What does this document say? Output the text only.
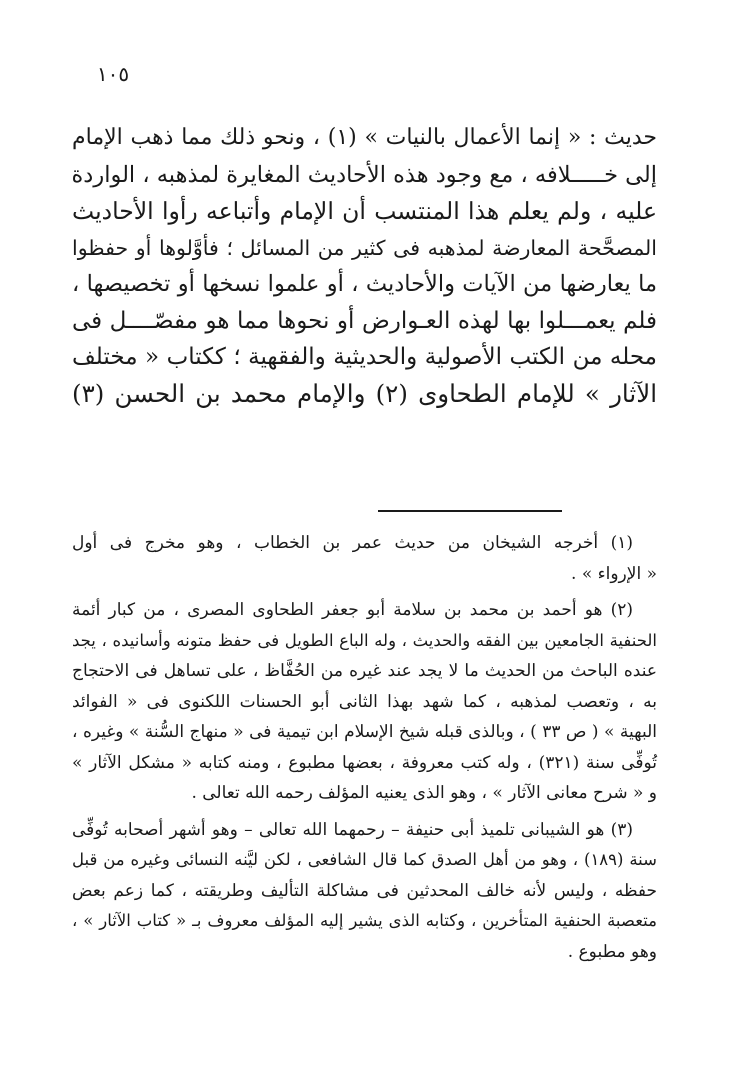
١٠٥
حديث : « إنما الأعمال بالنيات » (١) ، ونحو ذلك مما ذهب الإمام
إلى خـــــلافه ، مع وجود هذه الأحاديث المغايرة لمذهبه ، الواردة
عليه ، ولم يعلم هذا المنتسب أن الإمام وأتباعه رأوا الأحاديث
المصحَّحة المعارضة لمذهبه فى كثير من المسائل ؛ فأوَّلوها أو حفظوا
ما يعارضها من الآيات والأحاديث ، أو علموا نسخها أو تخصيصها ،
فلم يعمـــلوا بها لهذه العـوارض أو نحوها مما هو مفصّــــل فى
محله من الكتب الأصولية والحديثية والفقهية ؛ ككتاب « مختلف
الآثار » للإمام الطحاوى (٢) والإمام محمد بن الحسن (٣)
(١) أخرجه الشيخان من حديث عمر بن الخطاب ، وهو مخرج فى أول
« الإرواء » .
(٢) هو أحمد بن محمد بن سلامة أبو جعفر الطحاوى المصرى ، من كبار أئمة
الحنفية الجامعين بين الفقه والحديث ، وله الباع الطويل فى حفظ متونه وأسانيده ، يجد
عنده الباحث من الحديث ما لا يجد عند غيره من الحُفَّاظ ، على تساهل فى الاحتجاج
به ، وتعصب لمذهبه ، كما شهد بهذا الثانى أبو الحسنات اللكنوى فى « الفوائد
البهية » ( ص ٣٣ ) ، وبالذى قبله شيخ الإسلام ابن تيمية فى « منهاج السُّنة » وغيره ،
تُوفِّى سنة (٣٢١) ، وله كتب معروفة ، بعضها مطبوع ، ومنه كتابه « مشكل الآثار »
و « شرح معانى الآثار » ، وهو الذى يعنيه المؤلف رحمه الله تعالى .
(٣) هو الشيبانى تلميذ أبى حنيفة – رحمهما الله تعالى – وهو أشهر أصحابه تُوفِّى
سنة (١٨٩) ، وهو من أهل الصدق كما قال الشافعى ، لكن ليَّنه النسائى وغيره من قبل
حفظه ، وليس لأنه خالف المحدثين فى مشاكلة التأليف وطريقته ، كما زعم بعض
متعصبة الحنفية المتأخرين ، وكتابه الذى يشير إليه المؤلف معروف بـ « كتاب الآثار » ،
وهو مطبوع .
